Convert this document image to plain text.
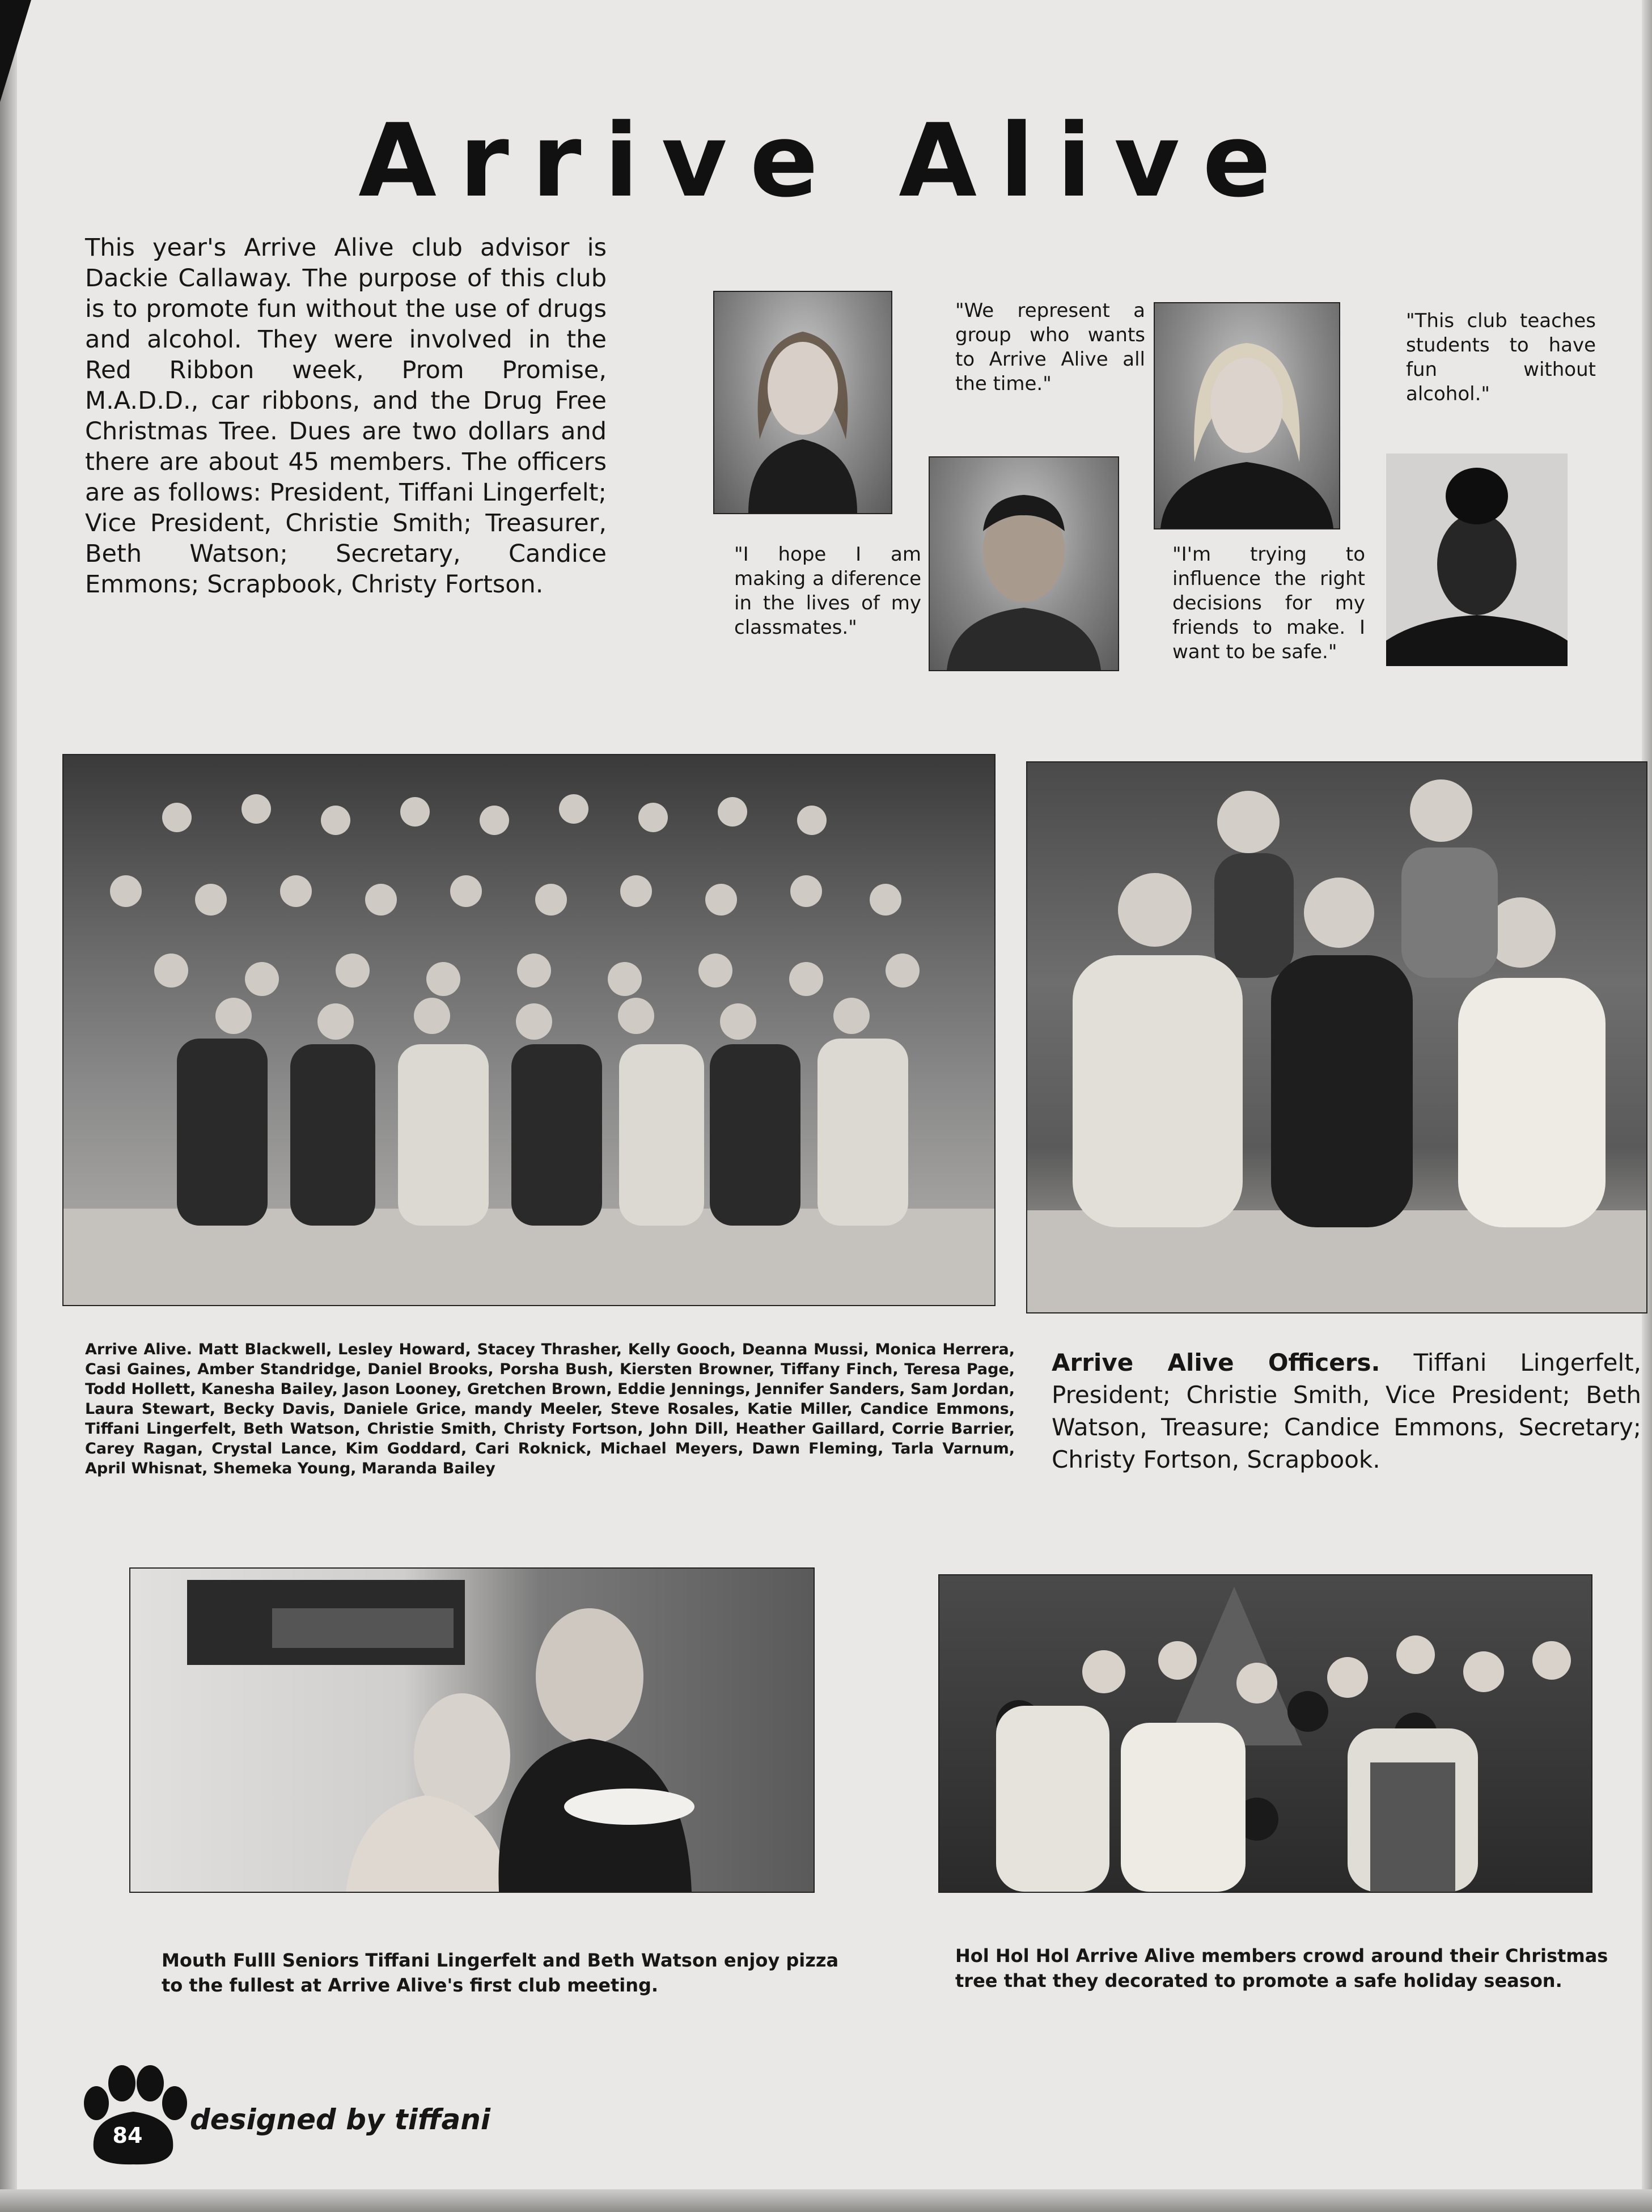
Arrive Alive

This year's Arrive Alive club advisor is Dackie Callaway. The purpose of this club is to promote fun without the use of drugs and alcohol. They were involved in the Red Ribbon week, Prom Promise, M.A.D.D., car ribbons, and the Drug Free Christmas Tree. Dues are two dollars and there are about 45 members. The officers are as follows: President, Tiffani Lingerfelt; Vice President, Christie Smith; Treasurer, Beth Watson; Secretary, Candice Emmons; Scrapbook, Christy Fortson.

"I hope I am making a diference in the lives of my classmates."

"We represent a group who wants to Arrive Alive all the time."

"I'm trying to influence the right decisions for my friends to make. I want to be safe."

"This club teaches students to have fun without alcohol."

Arrive Alive. Matt Blackwell, Lesley Howard, Stacey Thrasher, Kelly Gooch, Deanna Mussi, Monica Herrera, Casi Gaines, Amber Standridge, Daniel Brooks, Porsha Bush, Kiersten Browner, Tiffany Finch, Teresa Page, Todd Hollett, Kanesha Bailey, Jason Looney, Gretchen Brown, Eddie Jennings, Jennifer Sanders, Sam Jordan, Laura Stewart, Becky Davis, Daniele Grice, mandy Meeler, Steve Rosales, Katie Miller, Candice Emmons, Tiffani Lingerfelt, Beth Watson, Christie Smith, Christy Fortson, John Dill, Heather Gaillard, Corrie Barrier, Carey Ragan, Crystal Lance, Kim Goddard, Cari Roknick, Michael Meyers, Dawn Fleming, Tarla Varnum, April Whisnat, Shemeka Young, Maranda Bailey

Arrive Alive Officers. Tiffani Lingerfelt, President; Christie Smith, Vice President; Beth Watson, Treasure; Candice Emmons, Secretary; Christy Fortson, Scrapbook.

Mouth Fulll Seniors Tiffani Lingerfelt and Beth Watson enjoy pizza to the fullest at Arrive Alive's first club meeting.

Hol Hol Hol Arrive Alive members crowd around their Christmas tree that they decorated to promote a safe holiday season.

84 designed by tiffani
